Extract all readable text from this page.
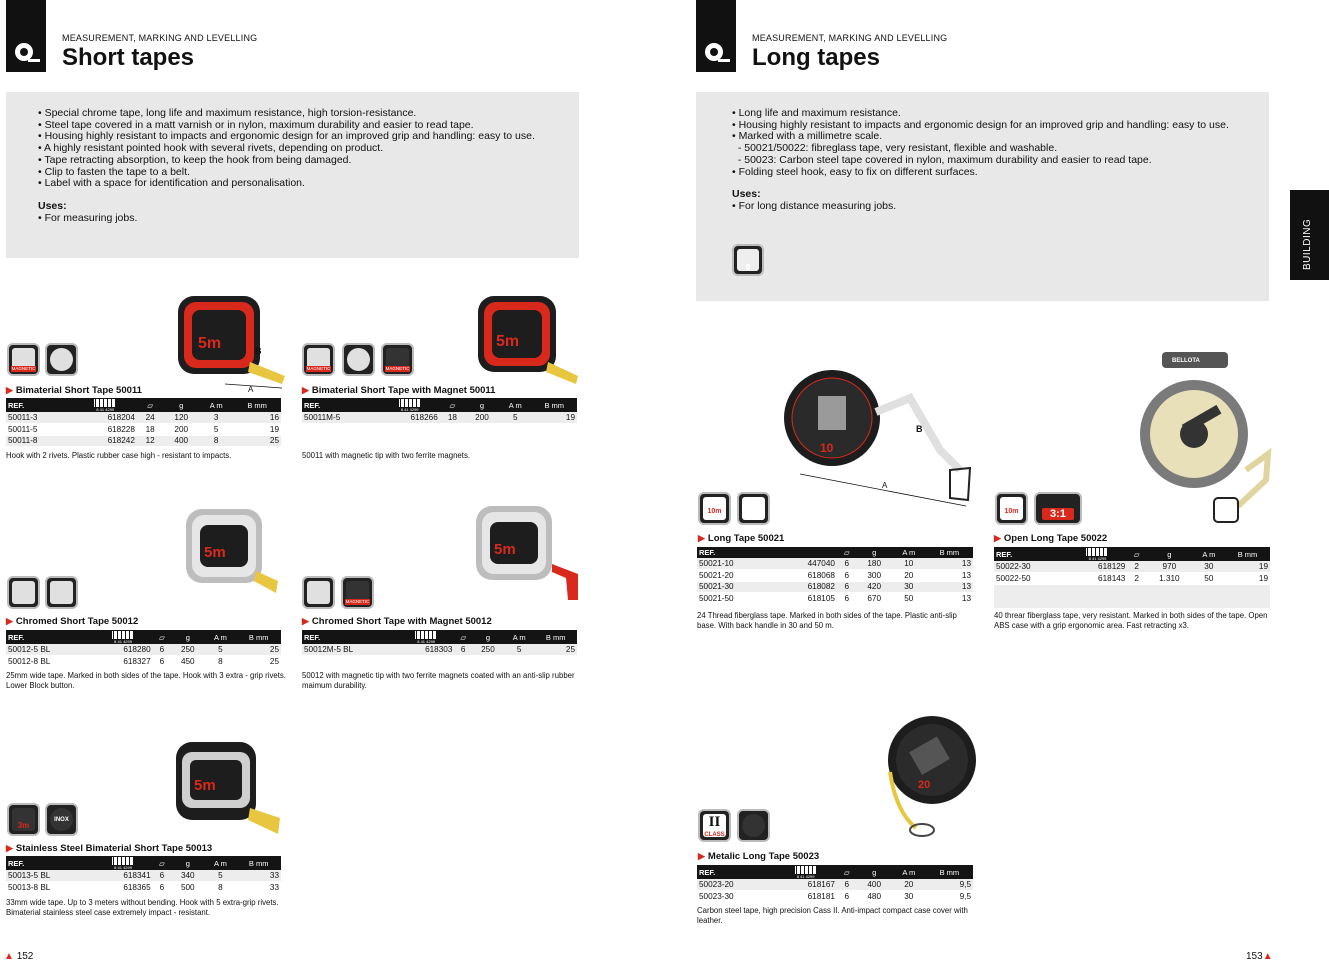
MEASUREMENT, MARKING AND LEVELLING
Short tapes
• Special chrome tape, long life and maximum resistance, high torsion-resistance.
• Steel tape covered in a matt varnish or in nylon, maximum durability and easier to read tape.
• Housing highly resistant to impacts and ergonomic design for an improved grip and handling: easy to use.
• A highly resistant pointed hook with several rivets, depending on product.
• Tape retracting absorption, to keep the hook from being damaged.
• Clip to fasten the tape to a belt.
• Label with a space for identification and personalisation.
Uses:
• For measuring jobs.
5m	B
A
MAGNETIC
▶ Bimaterial Short Tape 50011
REF.	8 41 4299	▱	g	A m	B mm
50011-3	618204	24	120	3	16
50011-5	618228	18	200	5	19
50011-8	618242	12	400	8	25
Hook with 2 rivets. Plastic rubber case high - resistant to impacts.
5m
MAGNETIC	MAGNETIC
▶ Bimaterial Short Tape with Magnet 50011
REF.	8 41 4299	▱	g	A m	B mm
50011M-5	618266	18	200	5	19
50011 with magnetic tip with two ferrite magnets.
5m
▶ Chromed Short Tape 50012
REF.	8 41 4299	▱	g	A m	B mm
50012-5 BL	618280	6	250	5	25
50012-8 BL	618327	6	450	8	25
25mm wide tape. Marked in both sides of the tape. Hook with 3 extra - grip rivets. Lower Block button.
5m
MAGNETIC
▶ Chromed Short Tape with Magnet 50012
REF.	8 41 4299	▱	g	A m	B mm
50012M-5 BL	618303	6	250	5	25
50012 with magnetic tip with two ferrite magnets coated with an anti-slip rubber maimum durability.
5m
3m
INOX
▶ Stainless Steel Bimaterial Short Tape 50013
REF.	8 41 4299	▱	g	A m	B mm
50013-5 BL	618341	6	340	5	33
50013-8 BL	618365	6	500	8	33
33mm wide tape. Up to 3 meters without bending. Hook with 5 extra-grip rivets. Bimaterial stainless steel case extremely impact - resistant.
▲ 152
MEASUREMENT, MARKING AND LEVELLING
Long tapes
• Long life and maximum resistance.
• Housing highly resistant to impacts and ergonomic design for an improved grip and handling: easy to use.
• Marked with a millimetre scale.
- 50021/50022: fibreglass tape, very resistant, flexible and washable.
- 50023: Carbon steel tape covered in nylon, maximum durability and easier to read tape.
• Folding steel hook, easy to fix on different surfaces.
Uses:
• For long distance measuring jobs.
0	BUILDING
10
B
A
10m
▶ Long Tape 50021
REF.		▱	g	A m	B mm
50021-10	447040	6	180	10	13
50021-20	618068	6	300	20	13
50021-30	618082	6	420	30	13
50021-50	618105	6	670	50	13
24 Thread fiberglass tape. Marked in both sides of the tape. Plastic anti-slip base. With back handle in 30 and 50 m.
BELLOTA
10m	3:1
▶ Open Long Tape 50022
REF.	8 41 4299	▱	g	A m	B mm
50022-30	618129	2	970	30	19
50022-50	618143	2	1.310	50	19

40 threar fiberglass tape, very resistant. Marked in both sides of the tape. Open ABS case with a grip ergonomic area. Fast retracting x3.
20
II
CLASS
▶ Metalic Long Tape 50023
REF.	8 41 4299	▱	g	A m	B mm
50023-20	618167	6	400	20	9,5
50023-30	618181	6	480	30	9,5
Carbon steel tape, high precision Cass II. Anti-impact compact case cover with leather.
153▲
